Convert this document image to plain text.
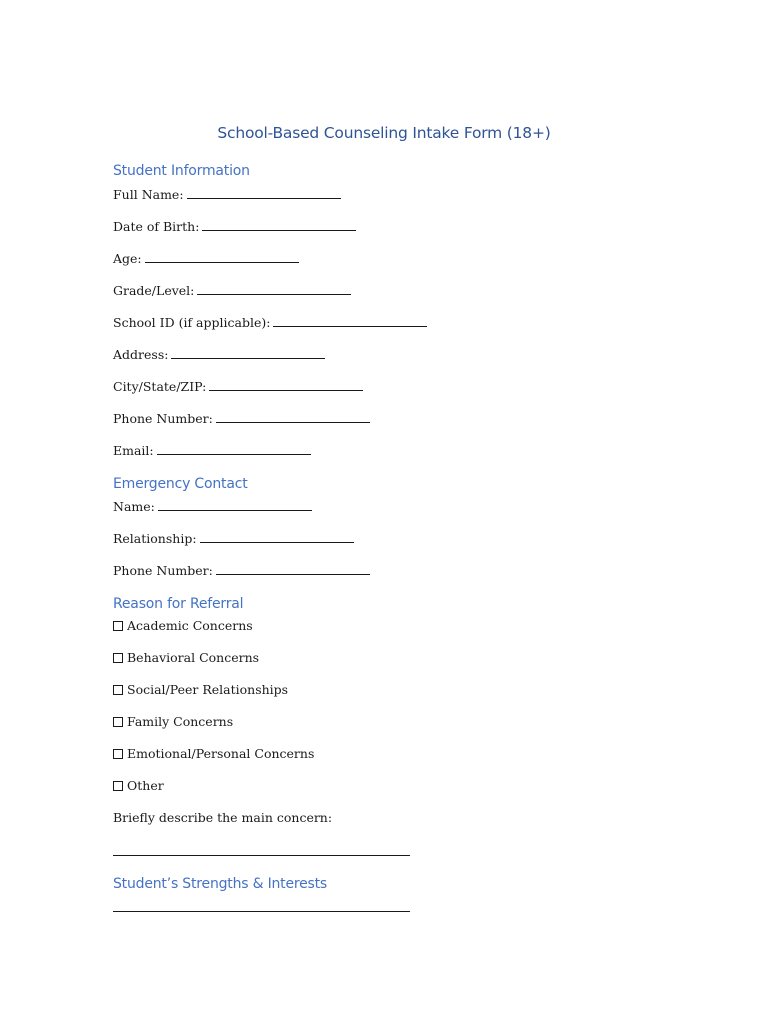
School-Based Counseling Intake Form (18+)
Student Information
Full Name:
Date of Birth:
Age:
Grade/Level:
School ID (if applicable):
Address:
City/State/ZIP:
Phone Number:
Email:
Emergency Contact
Name:
Relationship:
Phone Number:
Reason for Referral
Academic Concerns
Behavioral Concerns
Social/Peer Relationships
Family Concerns
Emotional/Personal Concerns
Other
Briefly describe the main concern:
Student’s Strengths & Interests
